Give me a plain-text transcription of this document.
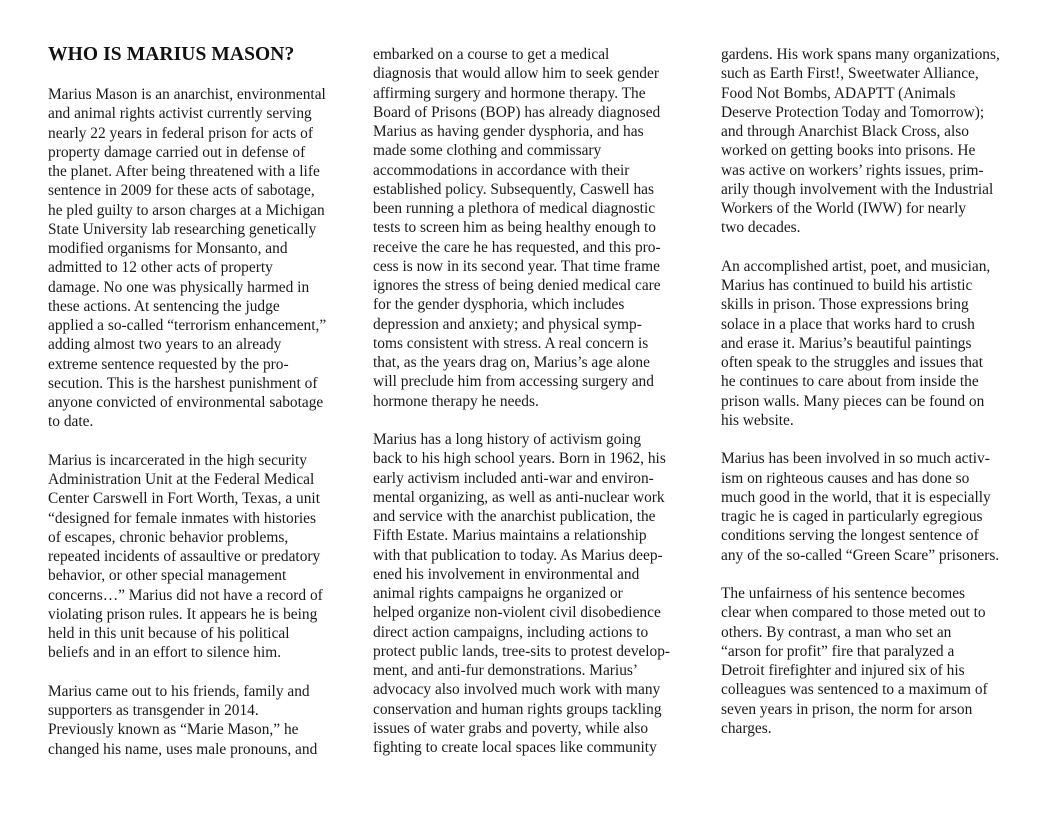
WHO IS MARIUS MASON?
Marius Mason is an anarchist, environmental
and animal rights activist currently serving
nearly 22 years in federal prison for acts of
property damage carried out in defense of
the planet. After being threatened with a life
sentence in 2009 for these acts of sabotage,
he pled guilty to arson charges at a Michigan
State University lab researching genetically
modified organisms for Monsanto, and
admitted to 12 other acts of property
damage. No one was physically harmed in
these actions. At sentencing the judge
applied a so-called “terrorism enhancement,”
adding almost two years to an already
extreme sentence requested by the pro-
secution. This is the harshest punishment of
anyone convicted of environmental sabotage
to date.
Marius is incarcerated in the high security
Administration Unit at the Federal Medical
Center Carswell in Fort Worth, Texas, a unit
“designed for female inmates with histories
of escapes, chronic behavior problems,
repeated incidents of assaultive or predatory
behavior, or other special management
concerns…” Marius did not have a record of
violating prison rules. It appears he is being
held in this unit because of his political
beliefs and in an effort to silence him.
Marius came out to his friends, family and
supporters as transgender in 2014.
Previously known as “Marie Mason,” he
changed his name, uses male pronouns, and
embarked on a course to get a medical
diagnosis that would allow him to seek gender
affirming surgery and hormone therapy. The
Board of Prisons (BOP) has already diagnosed
Marius as having gender dysphoria, and has
made some clothing and commissary
accommodations in accordance with their
established policy. Subsequently, Caswell has
been running a plethora of medical diagnostic
tests to screen him as being healthy enough to
receive the care he has requested, and this pro-
cess is now in its second year. That time frame
ignores the stress of being denied medical care
for the gender dysphoria, which includes
depression and anxiety; and physical symp-
toms consistent with stress. A real concern is
that, as the years drag on, Marius’s age alone
will preclude him from accessing surgery and
hormone therapy he needs.
Marius has a long history of activism going
back to his high school years. Born in 1962, his
early activism included anti-war and environ-
mental organizing, as well as anti-nuclear work
and service with the anarchist publication, the
Fifth Estate. Marius maintains a relationship
with that publication to today. As Marius deep-
ened his involvement in environmental and
animal rights campaigns he organized or
helped organize non-violent civil disobedience
direct action campaigns, including actions to
protect public lands, tree-sits to protest develop-
ment, and anti-fur demonstrations. Marius’
advocacy also involved much work with many
conservation and human rights groups tackling
issues of water grabs and poverty, while also
fighting to create local spaces like community
gardens. His work spans many organizations,
such as Earth First!, Sweetwater Alliance,
Food Not Bombs, ADAPTT (Animals
Deserve Protection Today and Tomorrow);
and through Anarchist Black Cross, also
worked on getting books into prisons. He
was active on workers’ rights issues, prim-
arily though involvement with the Industrial
Workers of the World (IWW) for nearly
two decades.
An accomplished artist, poet, and musician,
Marius has continued to build his artistic
skills in prison. Those expressions bring
solace in a place that works hard to crush
and erase it. Marius’s beautiful paintings
often speak to the struggles and issues that
he continues to care about from inside the
prison walls. Many pieces can be found on
his website.
Marius has been involved in so much activ-
ism on righteous causes and has done so
much good in the world, that it is especially
tragic he is caged in particularly egregious
conditions serving the longest sentence of
any of the so-called “Green Scare” prisoners.
The unfairness of his sentence becomes
clear when compared to those meted out to
others. By contrast, a man who set an
“arson for profit” fire that paralyzed a
Detroit firefighter and injured six of his
colleagues was sentenced to a maximum of
seven years in prison, the norm for arson
charges.
